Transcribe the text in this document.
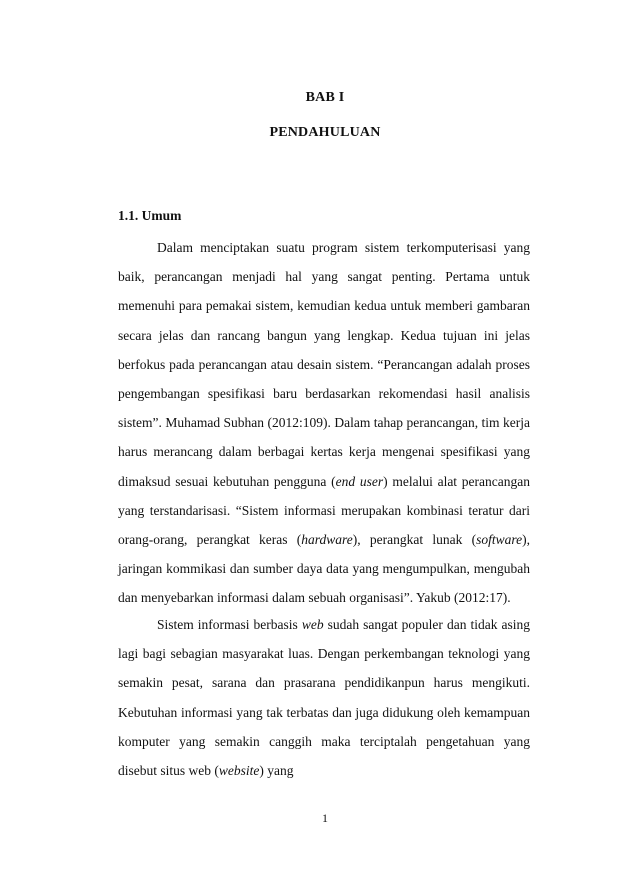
BAB I
PENDAHULUAN
1.1. Umum

Dalam menciptakan suatu program sistem terkomputerisasi yang baik, perancangan menjadi hal yang sangat penting. Pertama untuk memenuhi para pemakai sistem, kemudian kedua untuk memberi gambaran secara jelas dan rancang bangun yang lengkap. Kedua tujuan ini jelas berfokus pada perancangan atau desain sistem. “Perancangan adalah proses pengembangan spesifikasi baru berdasarkan rekomendasi hasil analisis sistem”. Muhamad Subhan (2012:109). Dalam tahap perancangan, tim kerja harus merancang dalam berbagai kertas kerja mengenai spesifikasi yang dimaksud sesuai kebutuhan pengguna (end user) melalui alat perancangan yang terstandarisasi. “Sistem informasi merupakan kombinasi teratur dari orang-orang, perangkat keras (hardware), perangkat lunak (software), jaringan kommikasi dan sumber daya data yang mengumpulkan, mengubah dan menyebarkan informasi dalam sebuah organisasi”. Yakub (2012:17).

Sistem informasi berbasis web sudah sangat populer dan tidak asing lagi bagi sebagian masyarakat luas. Dengan perkembangan teknologi yang semakin pesat, sarana dan prasarana pendidikanpun harus mengikuti. Kebutuhan informasi yang tak terbatas dan juga didukung oleh kemampuan komputer yang semakin canggih maka terciptalah pengetahuan yang disebut situs web (website) yang

1
